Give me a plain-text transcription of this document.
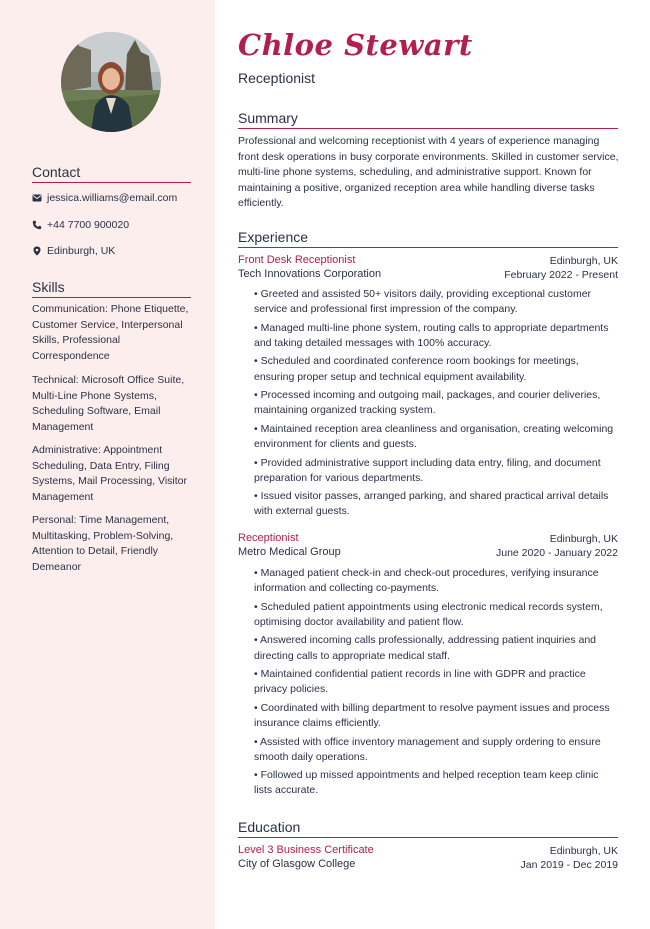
Contact
jessica.williams@email.com
+44 7700 900020
Edinburgh, UK
Skills
Communication: Phone Etiquette, Customer Service, Interpersonal Skills, Professional Correspondence
Technical: Microsoft Office Suite, Multi-Line Phone Systems, Scheduling Software, Email Management
Administrative: Appointment Scheduling, Data Entry, Filing Systems, Mail Processing, Visitor Management
Personal: Time Management, Multitasking, Problem-Solving, Attention to Detail, Friendly Demeanor
Chloe Stewart
Receptionist
Summary
Professional and welcoming receptionist with 4 years of experience managing front desk operations in busy corporate environments. Skilled in customer service, multi-line phone systems, scheduling, and administrative support. Known for maintaining a positive, organized reception area while handling diverse tasks efficiently.
Experience
Front Desk Receptionist	Edinburgh, UK
Tech Innovations Corporation	February 2022 - Present
• Greeted and assisted 50+ visitors daily, providing exceptional customer service and professional first impression of the company.
• Managed multi-line phone system, routing calls to appropriate departments and taking detailed messages with 100% accuracy.
• Scheduled and coordinated conference room bookings for meetings, ensuring proper setup and technical equipment availability.
• Processed incoming and outgoing mail, packages, and courier deliveries, maintaining organized tracking system.
• Maintained reception area cleanliness and organisation, creating welcoming environment for clients and guests.
• Provided administrative support including data entry, filing, and document preparation for various departments.
• Issued visitor passes, arranged parking, and shared practical arrival details with external guests.
Receptionist	Edinburgh, UK
Metro Medical Group	June 2020 - January 2022
• Managed patient check-in and check-out procedures, verifying insurance information and collecting co-payments.
• Scheduled patient appointments using electronic medical records system, optimising doctor availability and patient flow.
• Answered incoming calls professionally, addressing patient inquiries and directing calls to appropriate medical staff.
• Maintained confidential patient records in line with GDPR and practice privacy policies.
• Coordinated with billing department to resolve payment issues and process insurance claims efficiently.
• Assisted with office inventory management and supply ordering to ensure smooth daily operations.
• Followed up missed appointments and helped reception team keep clinic lists accurate.
Education
Level 3 Business Certificate	Edinburgh, UK
City of Glasgow College	Jan 2019 - Dec 2019
